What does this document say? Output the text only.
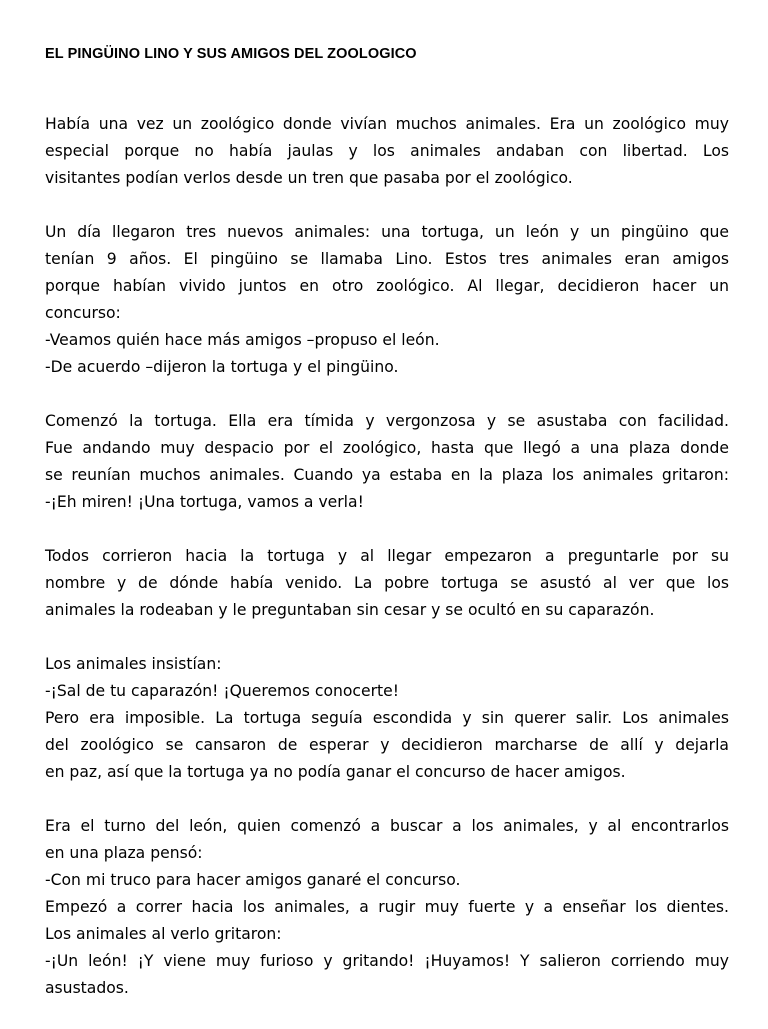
EL PINGÜINO LINO Y SUS AMIGOS DEL ZOOLOGICO

Había una vez un zoológico donde vivían muchos animales. Era un zoológico muy
especial porque no había jaulas y los animales andaban con libertad. Los
visitantes podían verlos desde un tren que pasaba por el zoológico.

Un día llegaron tres nuevos animales: una tortuga, un león y un pingüino que
tenían 9 años. El pingüino se llamaba Lino. Estos tres animales eran amigos
porque habían vivido juntos en otro zoológico. Al llegar, decidieron hacer un
concurso:
-Veamos quién hace más amigos –propuso el león.
-De acuerdo –dijeron la tortuga y el pingüino.

Comenzó la tortuga. Ella era tímida y vergonzosa y se asustaba con facilidad.
Fue andando muy despacio por el zoológico, hasta que llegó a una plaza donde
se reunían muchos animales. Cuando ya estaba en la plaza los animales gritaron:
-¡Eh miren! ¡Una tortuga, vamos a verla!

Todos corrieron hacia la tortuga y al llegar empezaron a preguntarle por su
nombre y de dónde había venido. La pobre tortuga se asustó al ver que los
animales la rodeaban y le preguntaban sin cesar y se ocultó en su caparazón.

Los animales insistían:
-¡Sal de tu caparazón! ¡Queremos conocerte!
Pero era imposible. La tortuga seguía escondida y sin querer salir. Los animales
del zoológico se cansaron de esperar y decidieron marcharse de allí y dejarla
en paz, así que la tortuga ya no podía ganar el concurso de hacer amigos.

Era el turno del león, quien comenzó a buscar a los animales, y al encontrarlos
en una plaza pensó:
-Con mi truco para hacer amigos ganaré el concurso.
Empezó a correr hacia los animales, a rugir muy fuerte y a enseñar los dientes.
Los animales al verlo gritaron:
-¡Un león! ¡Y viene muy furioso y gritando! ¡Huyamos! Y salieron corriendo muy
asustados.
